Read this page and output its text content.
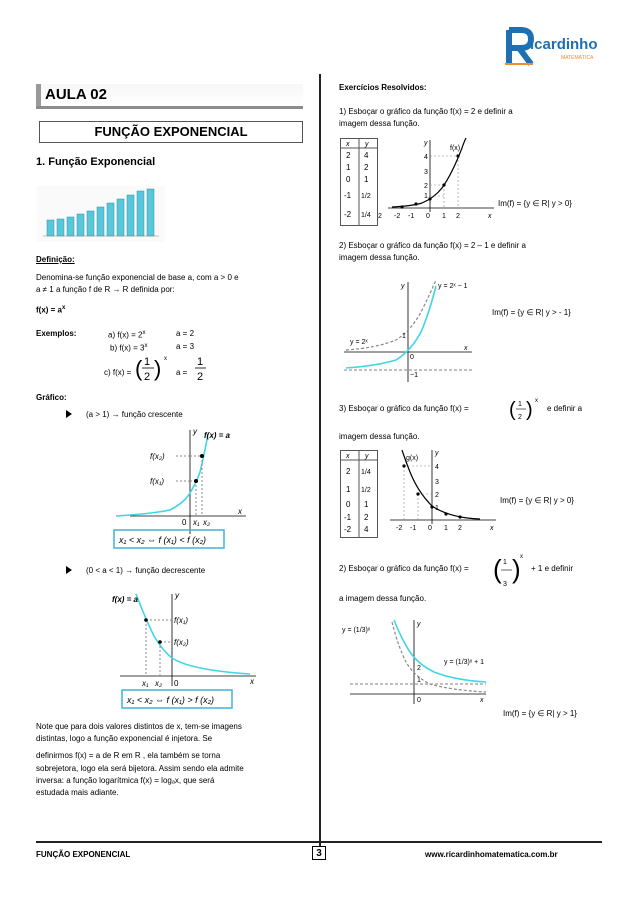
icardinho
MATEMÁTICA
AULA 02
FUNÇÃO EXPONENCIAL
1. Função Exponencial
Definição:
Denomina-se função exponencial de base a, com a > 0 e
a ≠ 1 a função f de R → R definida por:
$f(x) = a^x$
Exemplos:	a) $f(x) = 2^x$	a = 2
b) $f(x) = 3^x$	a = 3
c) f(x) = ( 1
2 ) x
a =
1
2
Gráfico:
(a > 1) → função crescente
f(x) = a
y
f(x₂)
f(x₁)
0 x₁ x₂
x
x₁ < x₂ ⇔ f (x₁) < f (x₂)
(0 < a < 1) → função decrescente
f(x) = a	y
f(x₁)
f(x₂)
x₁ x₂ 0	x
x₁ < x₂ ⇔ f (x₁) > f (x₂)
Note que para dois valores distintos de x, tem-se imagens
distintas, logo a função exponencial é injetora. Se
definirmos f(x) = a de R em R , ela também se torna
sobrejetora, logo ela será bijetora. Assim sendo ela admite
inversa: a função logarítmica f(x) = logₐx, que será
estudada mais adiante.
Exercícios Resolvidos:
1) Esboçar o gráfico da função f(x) = 2 e definir a
imagem dessa função.
x y
2 4
1 2
0 1
-1 1/2
-2 1/4
f(x)
y
4
3
2
1
-2 -1 0 1 2	x
2
Im(f) = {y ∈ R| y > 0}
2) Esboçar o gráfico da função f(x) = 2 – 1 e definir a
imagem dessa função.
y	y = 2ˣ − 1
y = 2ˣ
1
0
−1
x
Im(f) = {y ∈ R| y > - 1}
3) Esboçar o gráfico da função f(x) = ( 1
2 ) x
e definir a
imagem dessa função.
x y
2 1/4
1 1/2
0 1
-1 2
-2 4
g(x)
y
4
3
2
1
-2 -1 0 1 2	x
Im(f) = {y ∈ R| y > 0}
2) Esboçar o gráfico da função f(x) = ( 1
3
) x
+ 1 e definir
a imagem dessa função.
y = (1/3)ˣ
y = (1/3)ˣ + 1
y
2
1
0	x
Im(f) = {y ∈ R| y > 1}
FUNÇÃO EXPONENCIAL	3	www.ricardinhomatematica.com.br
